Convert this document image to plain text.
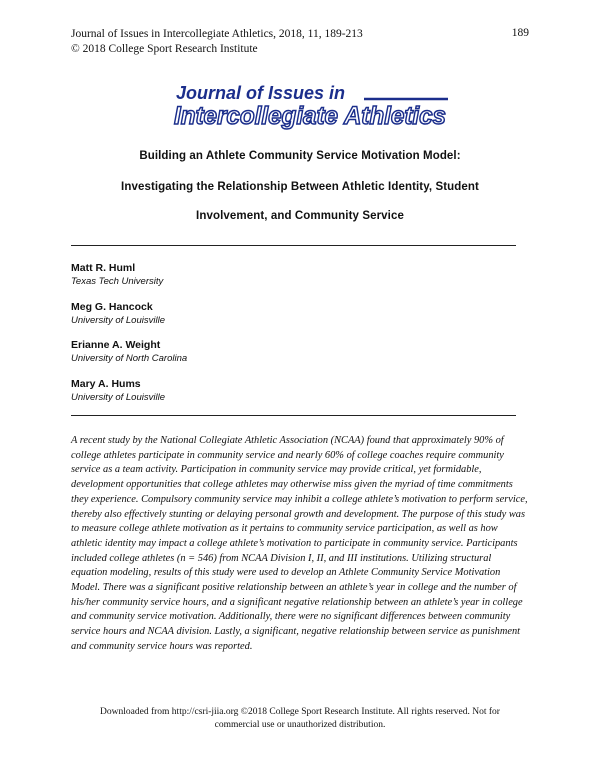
Journal of Issues in Intercollegiate Athletics, 2018, 11, 189-213
© 2018 College Sport Research Institute
189
Journal of Issues in
Intercollegiate Athletics
Building an Athlete Community Service Motivation Model:
Investigating the Relationship Between Athletic Identity, Student
Involvement, and Community Service
Matt R. Huml
Texas Tech University
Meg G. Hancock
University of Louisville
Erianne A. Weight
University of North Carolina
Mary A. Hums
University of Louisville

A recent study by the National Collegiate Athletic Association (NCAA) found that approximately 90% of college athletes participate in community service and nearly 60% of college coaches require community service as a team activity. Participation in community service may provide critical, yet formidable, development opportunities that college athletes may otherwise miss given the myriad of time commitments they experience. Compulsory community service may inhibit a college athlete’s motivation to perform service, thereby also effectively stunting or delaying personal growth and development. The purpose of this study was to measure college athlete motivation as it pertains to community service participation, as well as how athletic identity may impact a college athlete’s motivation to participate in community service. Participants included college athletes (n = 546) from NCAA Division I, II, and III institutions. Utilizing structural equation modeling, results of this study were used to develop an Athlete Community Service Motivation Model. There was a significant positive relationship between an athlete’s year in college and the number of his/her community service hours, and a significant negative relationship between an athlete’s year in college and community service motivation. Additionally, there were no significant differences between community service hours and NCAA division. Lastly, a significant, negative relationship between service as punishment and community service hours was reported.

Downloaded from http://csri-jiia.org ©2018 College Sport Research Institute. All rights reserved. Not for
commercial use or unauthorized distribution.
